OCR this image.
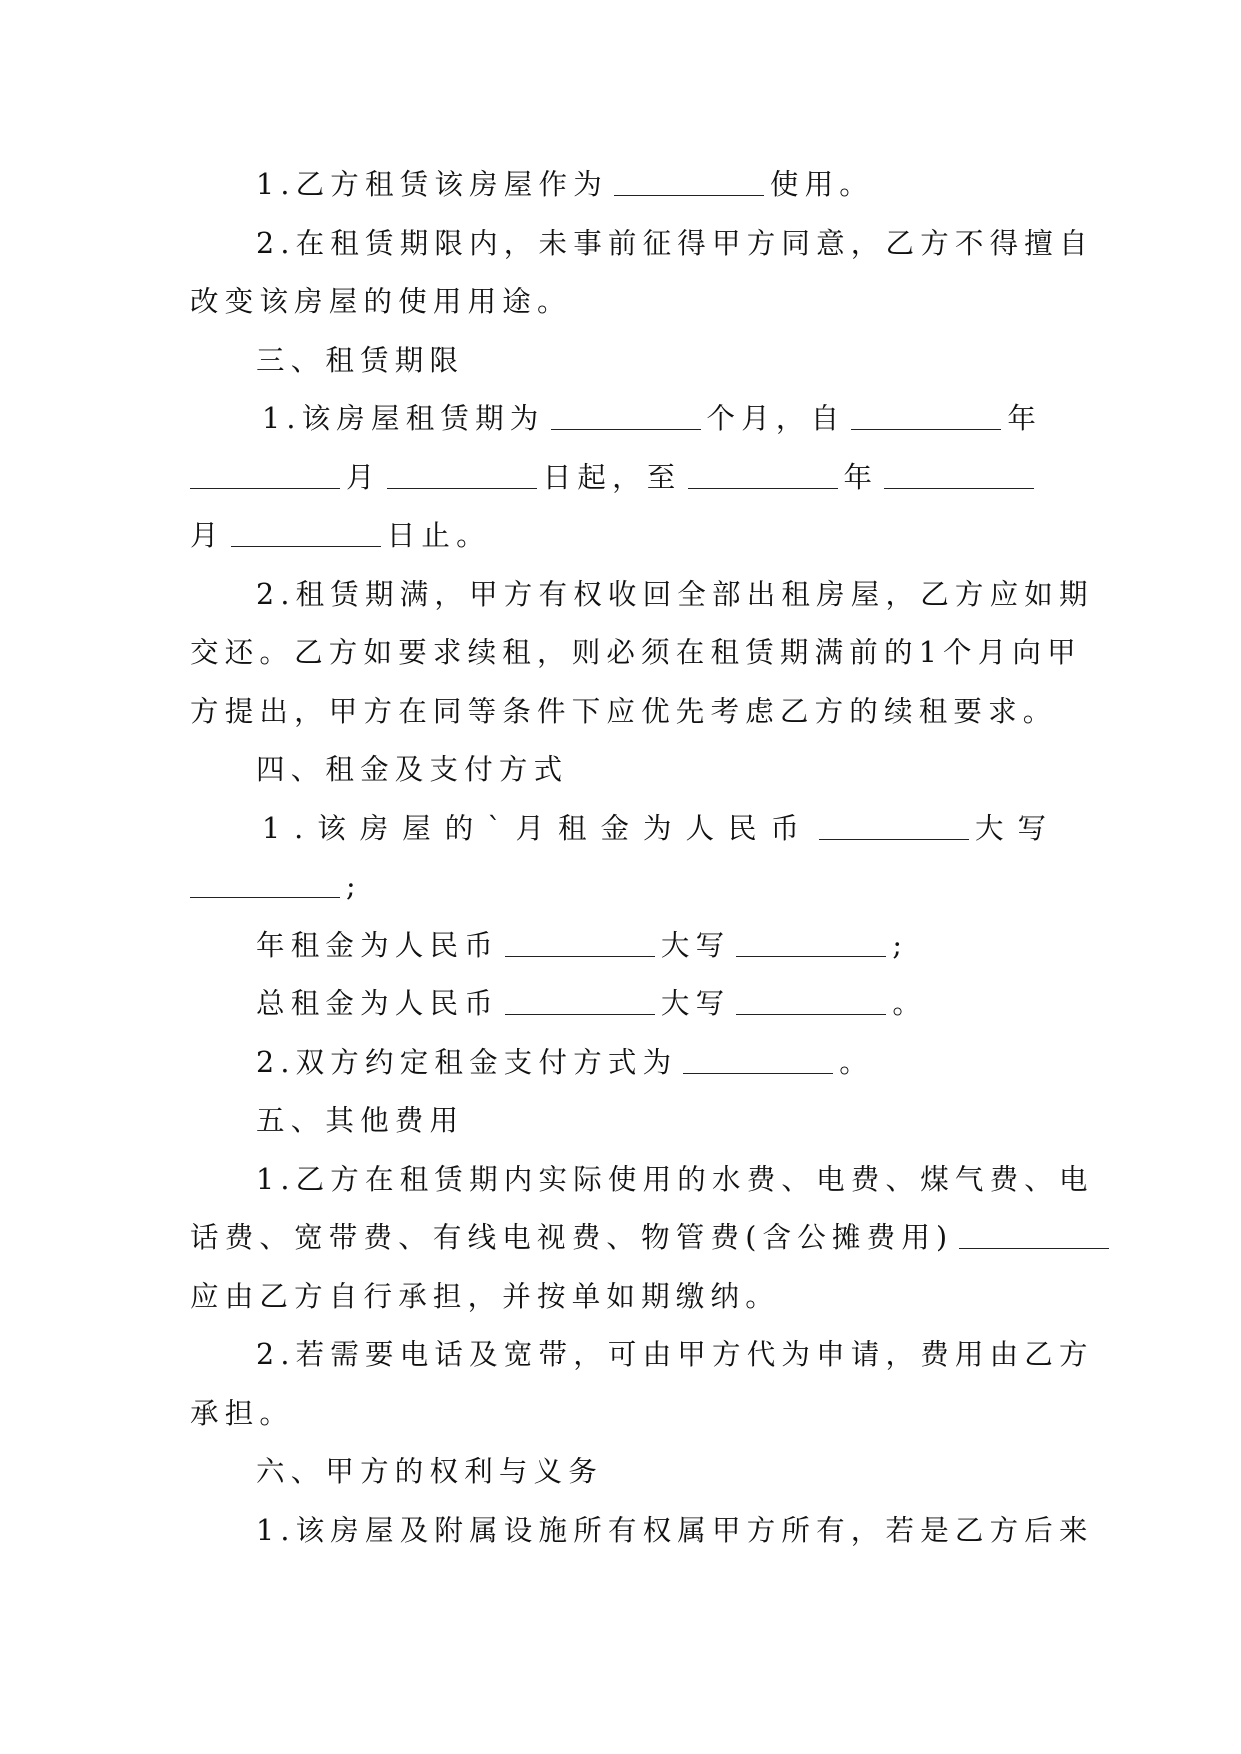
1.乙方租赁该房屋作为	使用。
2.在租赁期限内，未事前征得甲方同意，乙方不得擅自
改变该房屋的使用用途。
三、租赁期限
1.该房屋租赁期为	个月，自	年
月	日起，至	年
月	日止。
2.租赁期满，甲方有权收回全部出租房屋，乙方应如期
交还。乙方如要求续租，则必须在租赁期满前的1个月向甲
方提出，甲方在同等条件下应优先考虑乙方的续租要求。
四、租金及支付方式
1.该房屋的`月租金为人民币	大写
;
年租金为人民币	大写	;
总租金为人民币	大写	。
2.双方约定租金支付方式为	。
五、其他费用
1.乙方在租赁期内实际使用的水费、电费、煤气费、电
话费、宽带费、有线电视费、物管费(含公摊费用)
应由乙方自行承担，并按单如期缴纳。
2.若需要电话及宽带，可由甲方代为申请，费用由乙方
承担。
六、甲方的权利与义务
1.该房屋及附属设施所有权属甲方所有，若是乙方后来
